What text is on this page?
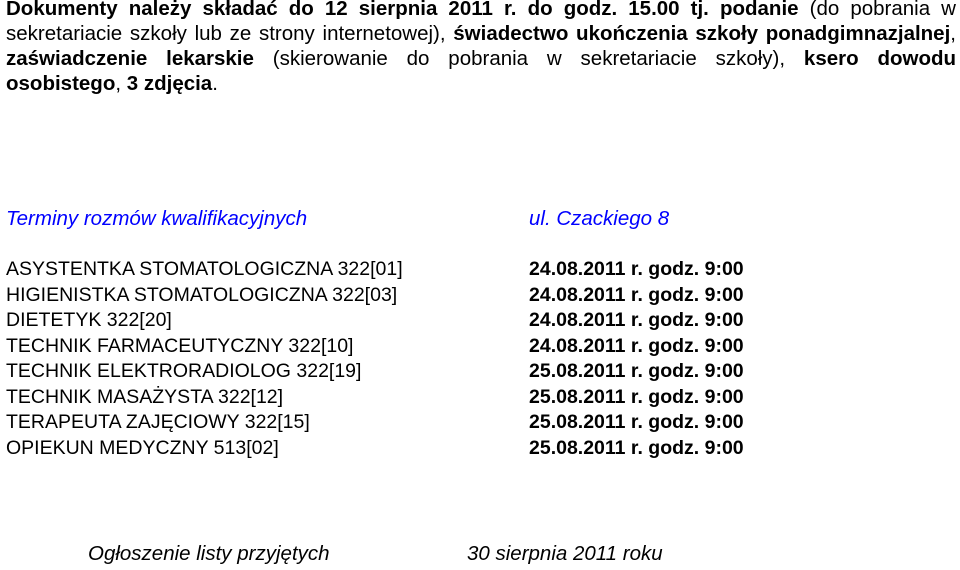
Dokumenty należy składać do 12 sierpnia 2011 r. do godz. 15.00 tj. podanie (do pobrania w sekretariacie szkoły lub ze strony internetowej), świadectwo ukończenia szkoły ponadgimnazjalnej, zaświadczenie lekarskie (skierowanie do pobrania w sekretariacie szkoły), ksero dowodu osobistego, 3 zdjęcia.
Terminy rozmów kwalifikacyjnych	ul. Czackiego 8
ASYSTENTKA STOMATOLOGICZNA 322[01]	24.08.2011 r. godz. 9:00
HIGIENISTKA STOMATOLOGICZNA 322[03]	24.08.2011 r. godz. 9:00
DIETETYK 322[20]	24.08.2011 r. godz. 9:00
TECHNIK FARMACEUTYCZNY 322[10]	24.08.2011 r. godz. 9:00
TECHNIK ELEKTRORADIOLOG 322[19]	25.08.2011 r. godz. 9:00
TECHNIK MASAŻYSTA 322[12]	25.08.2011 r. godz. 9:00
TERAPEUTA ZAJĘCIOWY 322[15]	25.08.2011 r. godz. 9:00
OPIEKUN MEDYCZNY 513[02]	25.08.2011 r. godz. 9:00
Ogłoszenie listy przyjętych	30 sierpnia 2011 roku
